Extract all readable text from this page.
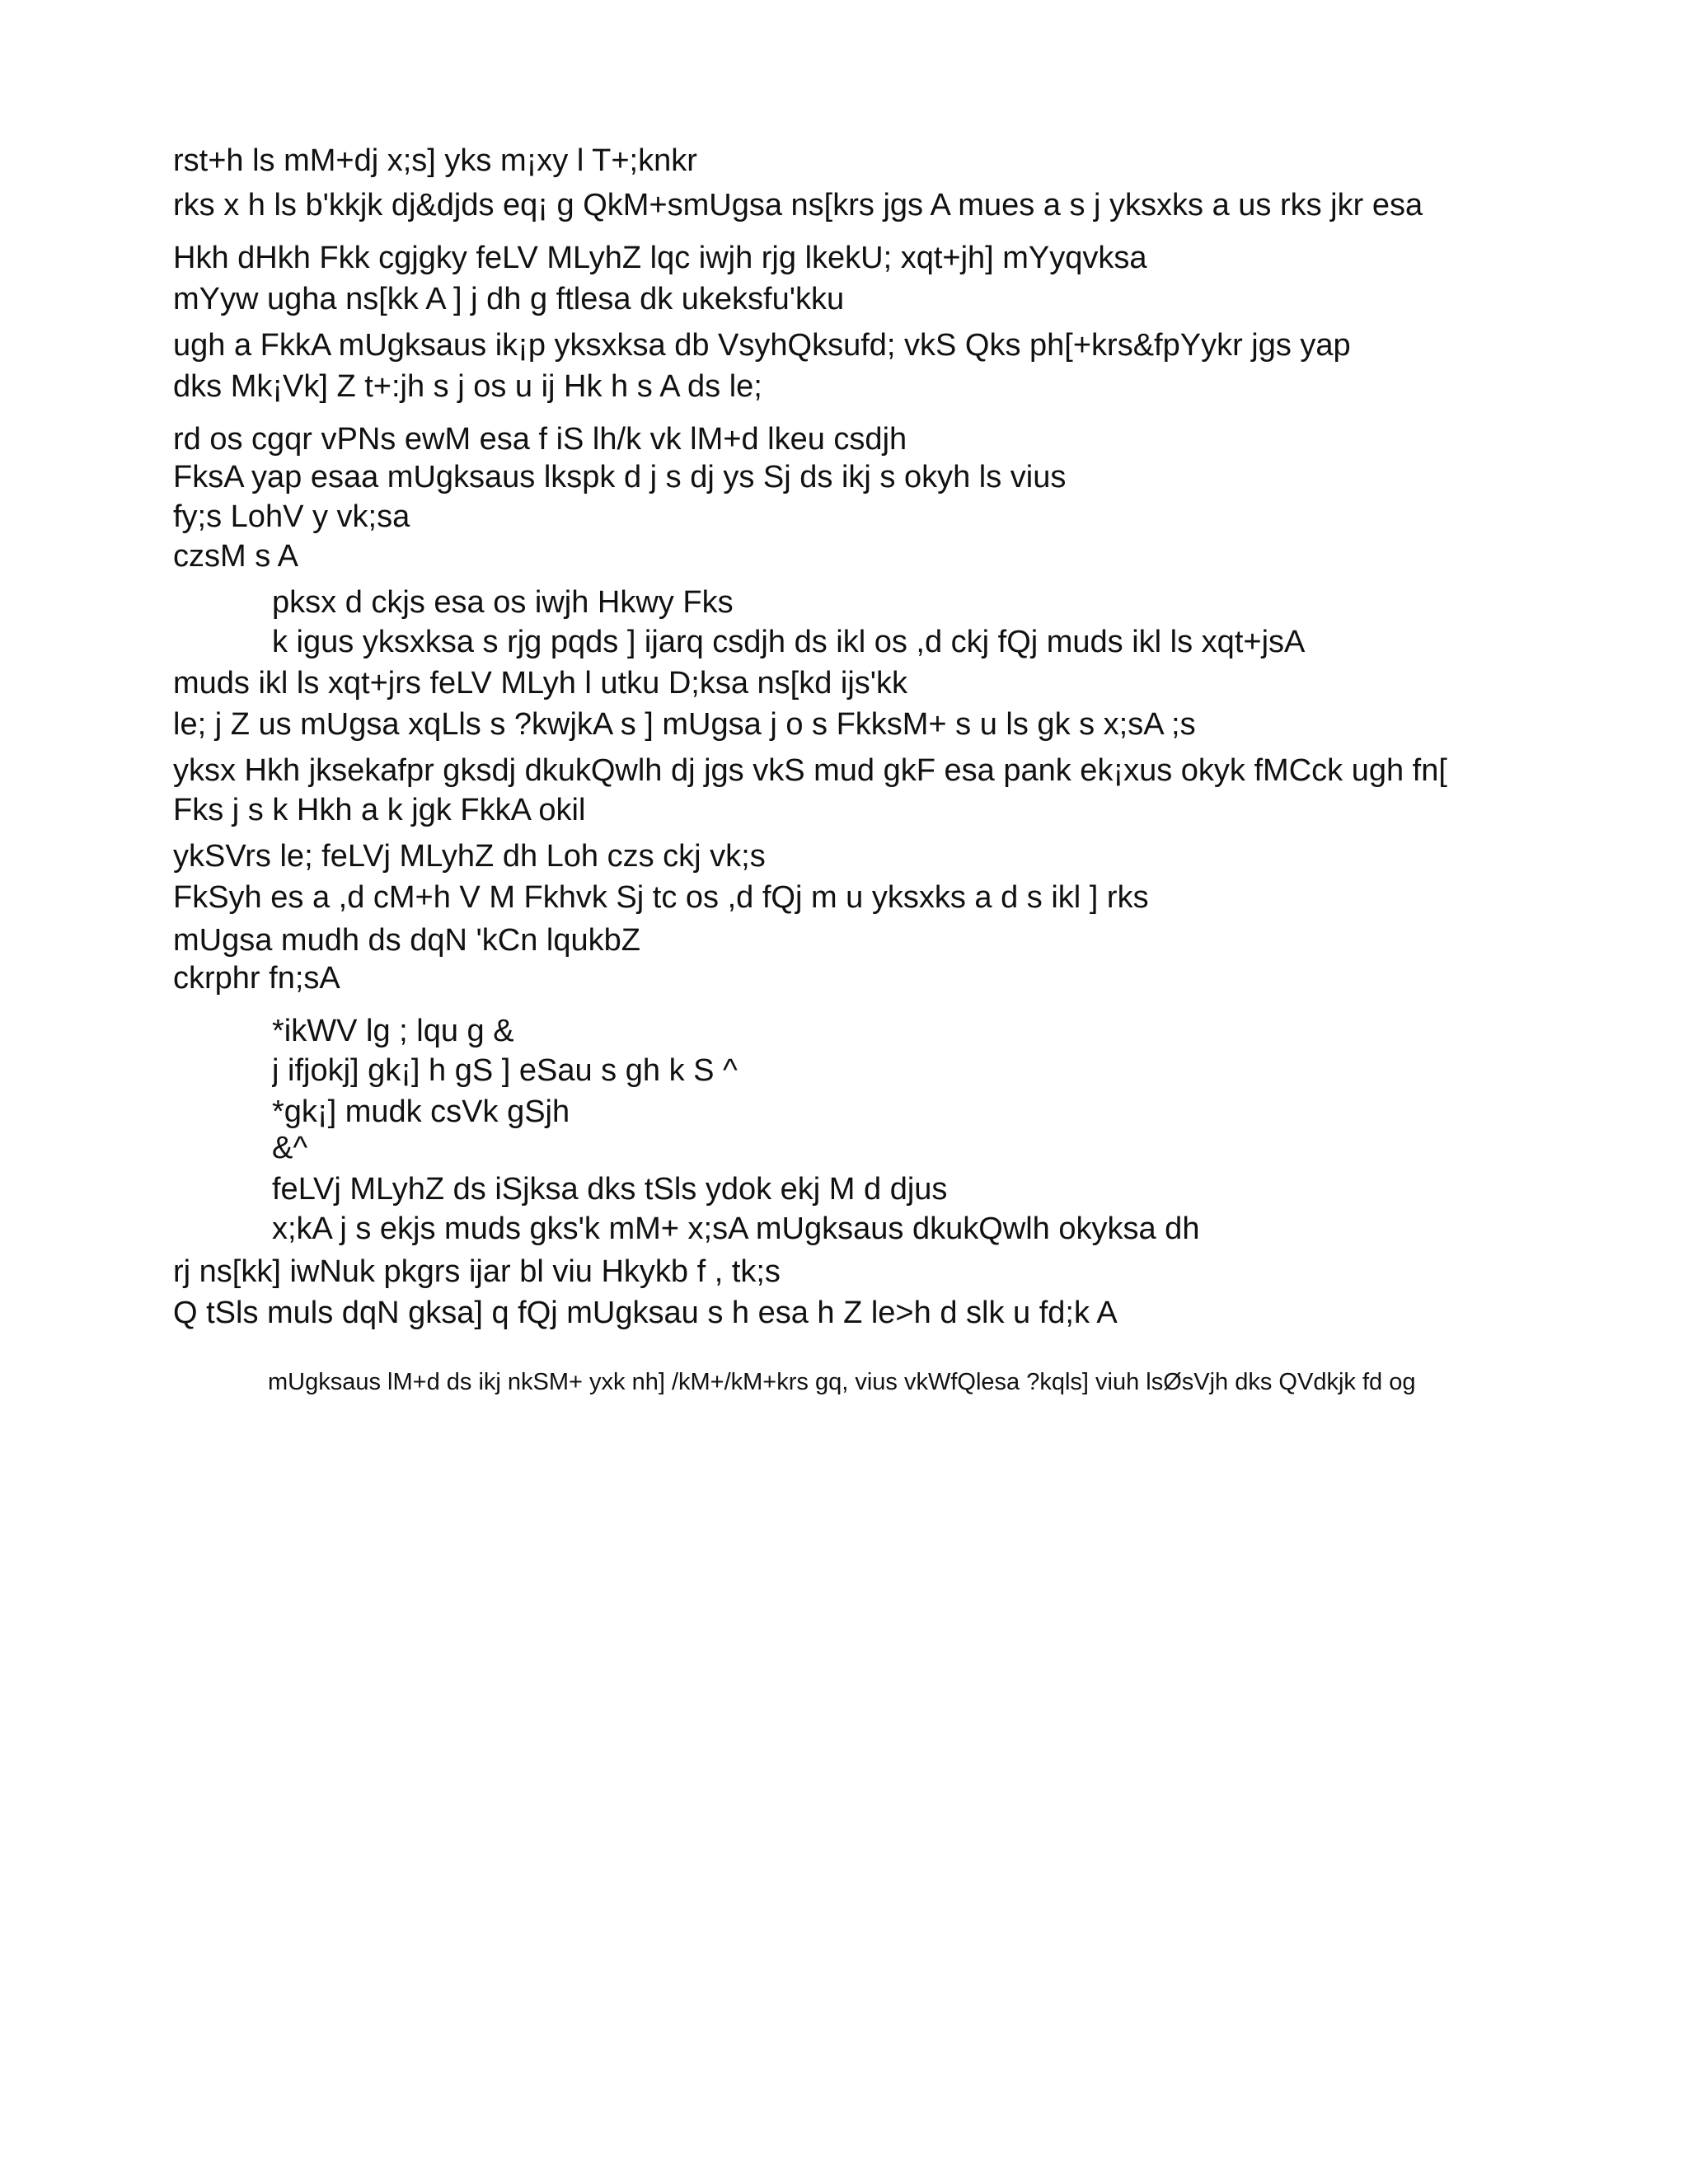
rst+h ls mM+dj x;s] yks m¡xy l T+;knkr
rks x h ls b'kkjk dj&djds eq¡ g QkM+smUgsa ns[krs jgs A mues a s j yksxks a us rks jkr esa
Hkh dHkh Fkk cgjgky feLV MLyhZ lqc iwjh rjg lkekU; xqt+jh] mYyqvksa
mYyw ugha ns[kk A ] j dh g ftlesa dk ukeksfu'kku
ugh a FkkA mUgksaus ik¡p yksxksa db VsyhQksufd; vkS Qks ph[+krs&fpYykr jgs yap
dks Mk¡Vk] Z t+:jh s j os u ij Hk h s A ds le;
rd os cgqr vPNs ewM esa f iS lh/k vk lM+d lkeu csdjh
FksA yap esaa mUgksaus lkspk d j s dj ys Sj ds ikj s okyh ls vius
fy;s LohV y vk;sa
czsM s A
pksx d ckjs esa os iwjh Hkwy Fks
k igus yksxksa s rjg pqds ] ijarq csdjh ds ikl os ,d ckj fQj muds ikl ls xqt+jsA
muds ikl ls xqt+jrs feLV MLyh l utku D;ksa ns[kd ijs'kk
le; j Z us mUgsa xqLls s ?kwjkA s ] mUgsa j o s FkksM+ s u ls gk s x;sA ;s
yksx Hkh jksekafpr gksdj dkukQwlh dj jgs vkS mud gkF esa pank ek¡xus okyk fMCck ugh fn[
Fks j s k Hkh a k jgk FkkA okil
ykSVrs le; feLVj MLyhZ dh Loh czs ckj vk;s
FkSyh es a ,d cM+h V M Fkhvk Sj tc os ,d fQj m u yksxks a d s ikl ] rks
mUgsa mudh ds dqN 'kCn lqukbZ
ckrphr fn;sA
*ikWV lg ; lqu g &
j ifjokj] gk¡] h gS ] eSau s gh k S ^
*gk¡] mudk csVk gSjh
&^
feLVj MLyhZ ds iSjksa dks tSls ydok ekj M d djus
x;kA j s ekjs muds gks'k mM+ x;sA mUgksaus dkukQwlh okyksa dh
rj ns[kk] iwNuk pkgrs ijar bl viu Hkykb f , tk;s
Q tSls muls dqN gksa] q fQj mUgksau s h esa h Z le>h d slk u fd;k A
mUgksaus lM+d ds ikj nkSM+ yxk nh] /kM+/kM+krs gq, vius vkWfQlesa ?kqls] viuh lsØsVjh dks QVdkjk fd og
